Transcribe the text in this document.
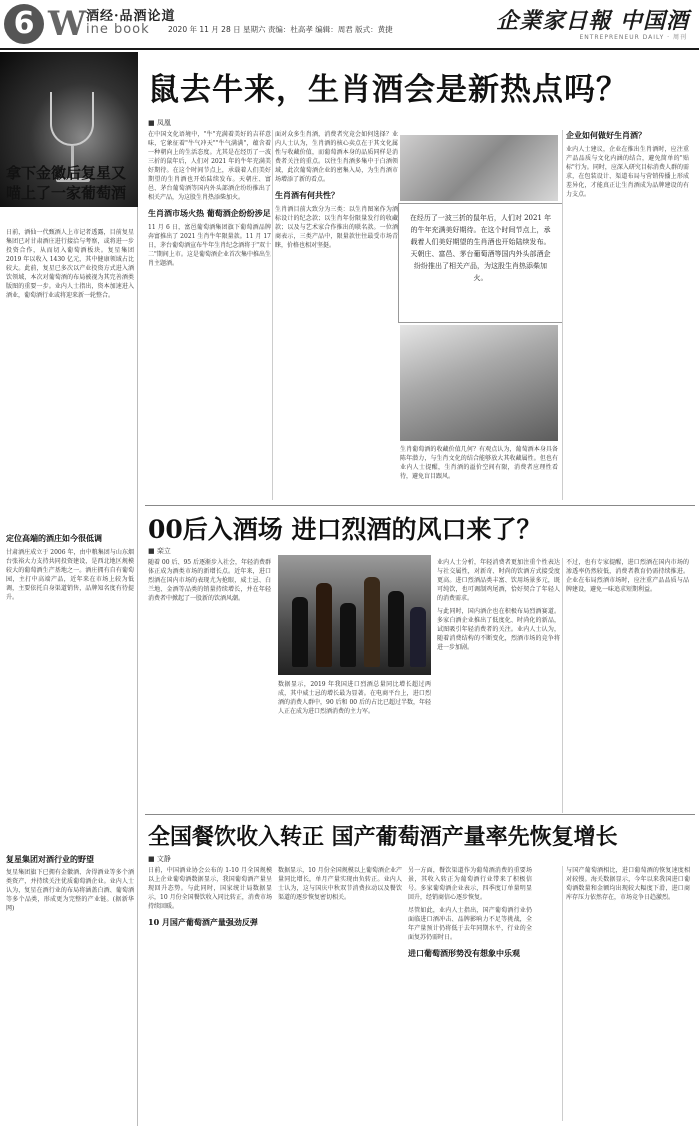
6 W 酒经·品酒论道
ine book 2020 年 11 月 28 日 星期六 责编：杜高孝 编辑：周君 版式：黄捷	企業家日報 中国酒
ENTREPRENEUR DAILY · 周刊
拿下金徽后复星又喵上了一家葡萄酒
日前，酒仙一代甄酒人上市记者透露，目前复星集团已对甘肃酒庄进行接洽与考察，或将进一步投资合作，从而切入葡萄酒板块。复星集团 2019 年以收入 1430 亿元，其中健康领域占比较大。此前，复星已多次以产业投资方式进入酒饮领域，本次对葡萄酒的布局被视为其完善酒类版图的重要一步。业内人士指出，资本加速进入酒业，葡萄酒行业或将迎来新一轮整合。
定位高端的酒庄如今很低调
甘肃酒庄成立于 2006 年，由中粮集团与山东烟台张裕大力支持共同投资建设，是西北地区规模较大的葡萄酒生产基地之一。酒庄拥有自有葡萄园，主打中高端产品，近年来在市场上较为低调，主要依托自身渠道销售，品牌知名度有待提升。
复星集团对酒行业的野望
复星集团旗下已拥有金徽酒、舍得酒业等多个酒类资产，并持续关注优质葡萄酒企业。业内人士认为，复星在酒行业的布局将涵盖白酒、葡萄酒等多个品类，形成更为完整的产业链。(据新华网)
鼠去牛来，生肖酒会是新热点吗？
■ 凤凰
在中国文化语境中，"牛"充满着美好的吉祥意味，它象征着"牛气冲天""牛气满满"，蕴含着一种朝向上的生活态度。尤其是在经历了一波三折的鼠年后，人们对 2021 年的牛年充满美好期待。在这个时间节点上，承载着人们美好期望的生肖酒也开始陆续发布。天朝庄、富邑、茅台葡萄酒等国内外头部酒企纷纷推出了相关产品，为这股生肖热添柴加火。
生肖酒市场火热 葡萄酒企纷纷涉足
11 月 6 日，富邑葡萄酒集团旗下葡萄酒品牌奔富推出了 2021 生肖牛年限量款。11 月 17 日，茅台葡萄酒宣布牛年生肖纪念酒将于"双十二"期间上市。这是葡萄酒企业首次集中推出生肖主题酒。
面对众多生肖酒，消费者究竟会如何选择？业内人士认为，生肖酒的核心卖点在于其文化属性与收藏价值，而葡萄酒本身的品质同样是消费者关注的重点。以往生肖酒多集中于白酒领域，此次葡萄酒企业的密集入局，为生肖酒市场增添了新的看点。
生肖酒有何共性？
生肖酒目前大致分为三类：以生肖图案作为酒标设计的纪念款；以生肖年份限量发行的收藏款；以及与艺术家合作推出的联名款。一位酒商表示，三类产品中，限量款往往最受市场青睐，价格也相对坚挺。
在经历了一波三折的鼠年后，人们对 2021 年的牛年充满美好期待。在这个时间节点上，承载着人们美好期望的生肖酒也开始陆续发布。天朝庄、富邑、茅台葡萄酒等国内外头部酒企纷纷推出了相关产品，为这股生肖热添柴加火。
生肖葡萄酒的收藏价值几何？有观点认为，葡萄酒本身具备陈年潜力，与生肖文化的结合能够放大其收藏属性。但也有业内人士提醒，生肖酒的溢价空间有限，消费者应理性看待，避免盲目跟风。
企业如何做好生肖酒？
业内人士建议，企业在推出生肖酒时，应注重产品品质与文化内涵的结合，避免简单的"贴标"行为。同时，应深入研究目标消费人群的需求，在包装设计、渠道布局与营销传播上形成差异化，才能真正让生肖酒成为品牌建设的有力支点。
00后入酒场 进口烈酒的风口来了？
■ 栾立
随着 00 后、95 后逐渐步入社会，年轻消费群体正成为酒类市场的新增长点。近年来，进口烈酒在国内市场的表现尤为抢眼，威士忌、白兰地、金酒等品类的销量持续增长，并在年轻消费者中掀起了一股新的饮酒风潮。
数据显示，2019 年我国进口烈酒总量同比增长超过两成，其中威士忌的增长最为显著。在电商平台上，进口烈酒的消费人群中，90 后和 00 后的占比已超过半数，年轻人正在成为进口烈酒消费的主力军。
业内人士分析，年轻消费者更加注重个性表达与社交属性，对新奇、时尚的饮酒方式接受度更高。进口烈酒品类丰富、饮用场景多元，既可纯饮，也可调制鸡尾酒，恰好契合了年轻人的消费需求。
与此同时，国内酒企也在积极布局烈酒赛道。多家白酒企业推出了低度化、时尚化的新品，试图吸引年轻消费者的关注。业内人士认为，随着消费结构的不断变化，烈酒市场的竞争将进一步加剧。
不过，也有专家提醒，进口烈酒在国内市场的渗透率仍然较低，消费者教育仍需持续推进。企业在布局烈酒市场时，应注重产品品质与品牌建设，避免一味追求短期利益。
全国餐饮收入转正 国产葡萄酒产量率先恢复增长
■ 文静
日前，中国酒业协会公布的 1-10 月全国规模以上企业葡萄酒数据显示，我国葡萄酒产量呈现回升态势。与此同时，国家统计局数据显示，10 月份全国餐饮收入同比转正，消费市场持续回暖。
10 月国产葡萄酒产量强劲反弹
数据显示，10 月份全国规模以上葡萄酒企业产量同比增长，单月产量实现由负转正。业内人士认为，这与国庆中秋双节消费拉动以及餐饮渠道的逐步恢复密切相关。
另一方面，餐饮渠道作为葡萄酒消费的重要场景，其收入转正为葡萄酒行业带来了积极信号。多家葡萄酒企业表示，四季度订单量明显回升，经销商信心逐步恢复。
尽管如此，业内人士指出，国产葡萄酒行业仍面临进口酒冲击、品牌影响力不足等挑战，全年产量预计仍将低于去年同期水平，行业的全面复苏仍需时日。
进口葡萄酒形势没有想象中乐观
与国产葡萄酒相比，进口葡萄酒的恢复速度相对较慢。海关数据显示，今年以来我国进口葡萄酒数量和金额均出现较大幅度下滑，进口商库存压力依然存在，市场竞争日趋激烈。
